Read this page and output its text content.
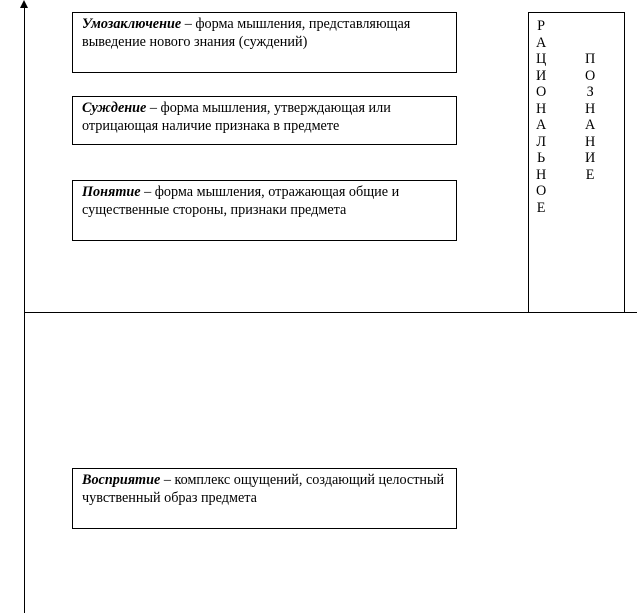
Умозаключение – форма мышления, представляющая выведение нового знания (суждений)
Суждение – форма мышления, утверждающая или отрицающая наличие признака в предмете
Понятие – форма мышления, отражающая общие и существенные стороны, признаки предмета
Восприятие – комплекс ощущений, создающий целостный чувственный образ предмета
Р
А
Ц
И
О
Н
А
Л
Ь
Н
О
Е
П
О
З
Н
А
Н
И
Е
